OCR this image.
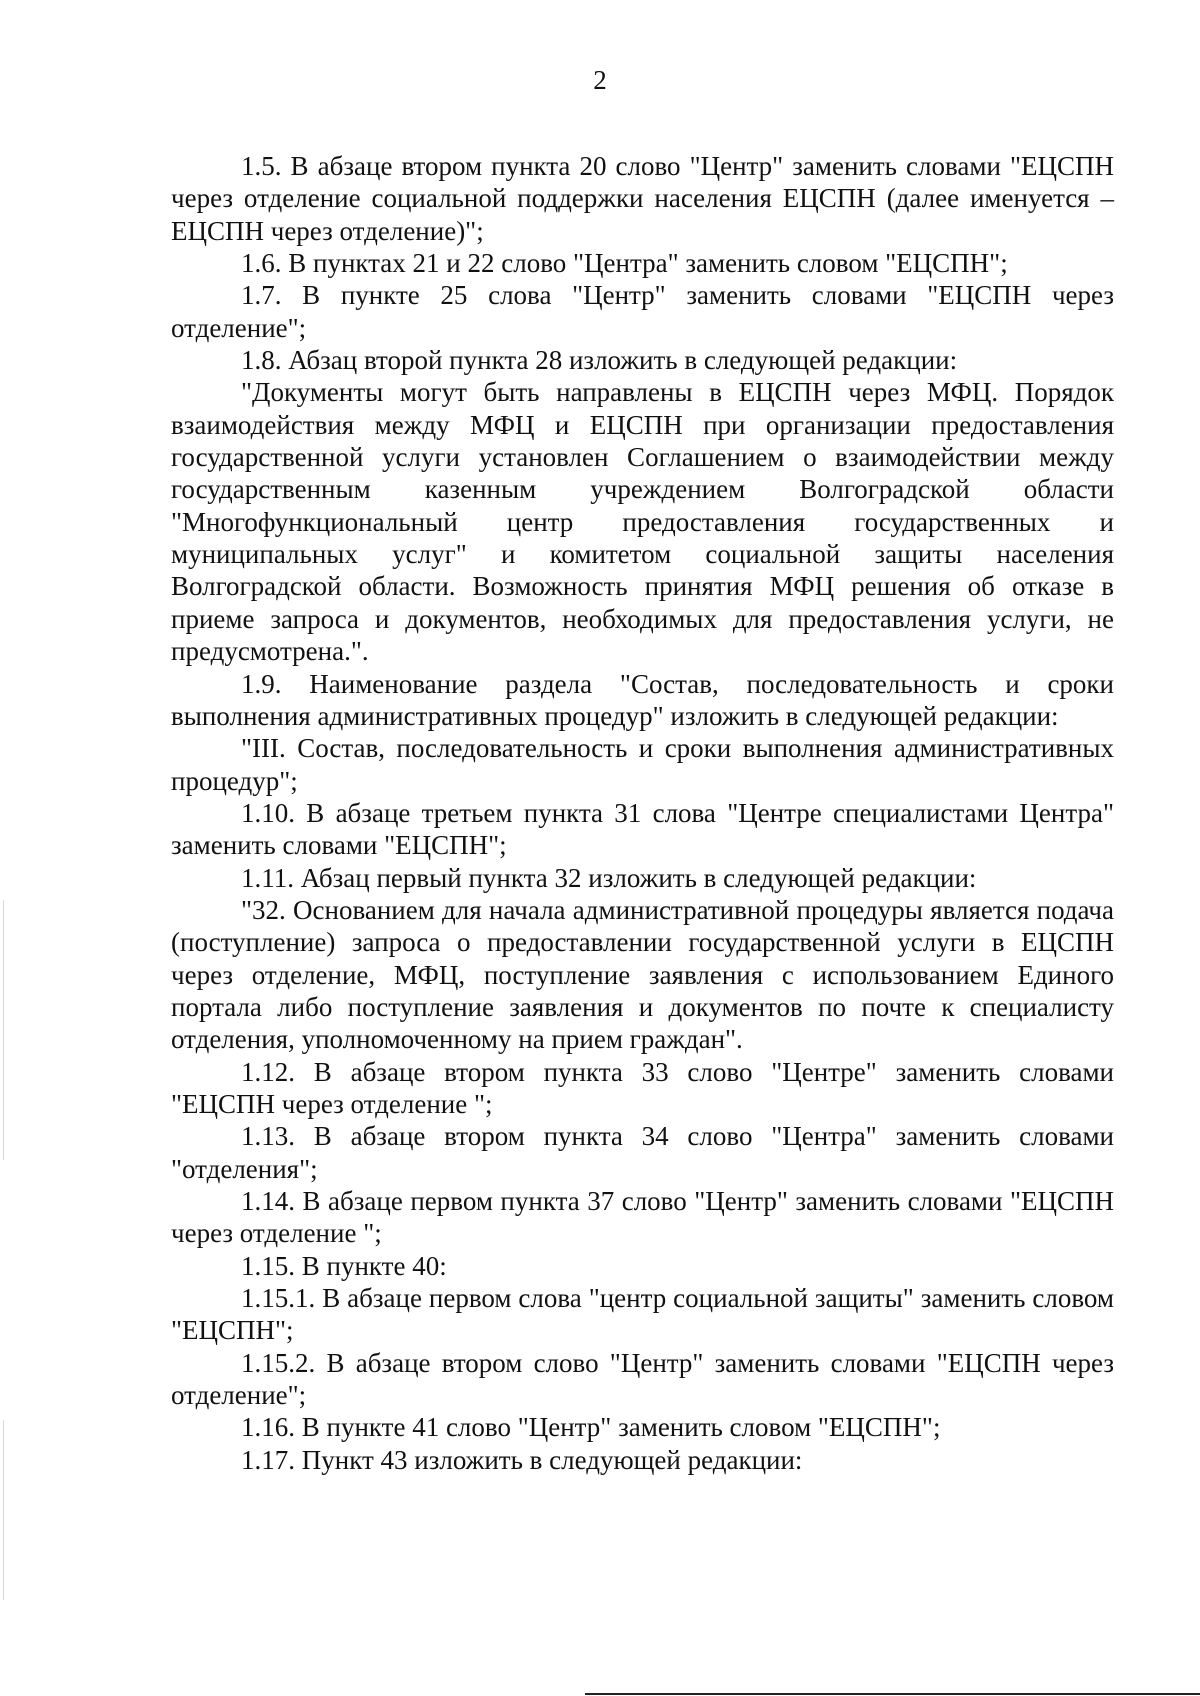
2

1.5. В абзаце втором пункта 20 слово "Центр" заменить словами "ЕЦСПН через отделение социальной поддержки населения ЕЦСПН (далее именуется – ЕЦСПН через отделение)";

1.6. В пунктах 21 и 22 слово "Центра" заменить словом "ЕЦСПН";

1.7. В пункте 25 слова "Центр" заменить словами "ЕЦСПН через отделение";

1.8. Абзац второй пункта 28 изложить в следующей редакции:

"Документы могут быть направлены в ЕЦСПН через МФЦ. Порядок взаимодействия между МФЦ и ЕЦСПН при организации предоставления государственной услуги установлен Соглашением о взаимодействии между государственным казенным учреждением Волгоградской области "Многофункциональный центр предоставления государственных и муниципальных услуг" и комитетом социальной защиты населения Волгоградской области. Возможность принятия МФЦ решения об отказе в приеме запроса и документов, необходимых для предоставления услуги, не предусмотрена.".

1.9. Наименование раздела "Состав, последовательность и сроки выполнения административных процедур" изложить в следующей редакции:

"III. Состав, последовательность и сроки выполнения административных процедур";

1.10. В абзаце третьем пункта 31 слова "Центре специалистами Центра" заменить словами "ЕЦСПН";

1.11. Абзац первый пункта 32 изложить в следующей редакции:

"32. Основанием для начала административной процедуры является подача (поступление) запроса о предоставлении государственной услуги в ЕЦСПН через отделение, МФЦ, поступление заявления с использованием Единого портала либо поступление заявления и документов по почте к специалисту отделения, уполномоченному на прием граждан".

1.12. В абзаце втором пункта 33 слово "Центре" заменить словами "ЕЦСПН через отделение ";

1.13. В абзаце втором пункта 34 слово "Центра" заменить словами "отделения";

1.14. В абзаце первом пункта 37 слово "Центр" заменить словами "ЕЦСПН через отделение ";

1.15. В пункте 40:

1.15.1. В абзаце первом слова "центр социальной защиты" заменить словом "ЕЦСПН";

1.15.2. В абзаце втором слово "Центр" заменить словами "ЕЦСПН через отделение";

1.16. В пункте 41 слово "Центр" заменить словом "ЕЦСПН";

1.17. Пункт 43 изложить в следующей редакции:
